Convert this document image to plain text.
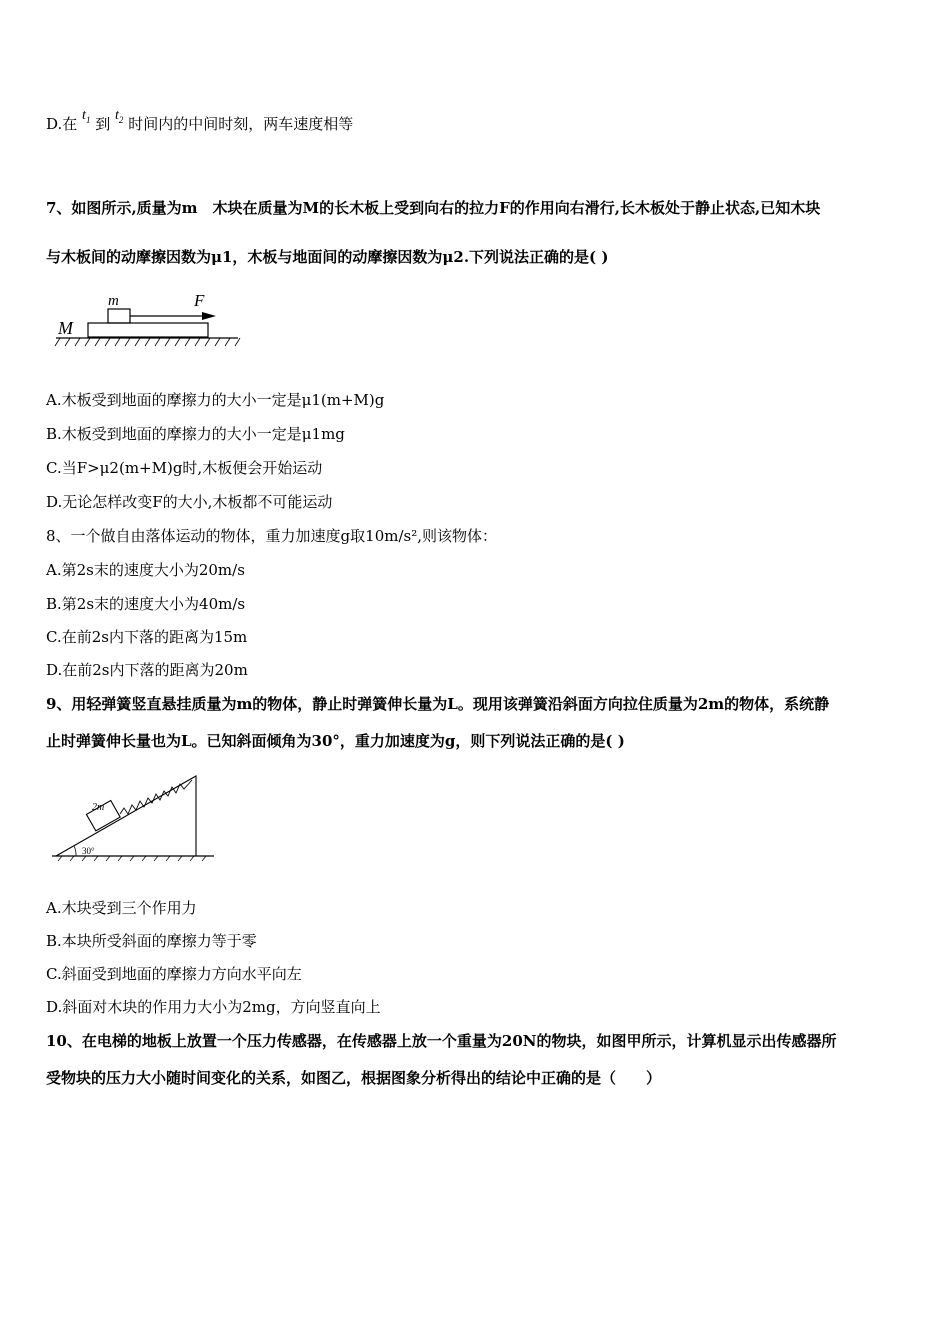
D.在 $t_1$ 到 $t_2$ 时间内的中间时刻，两车速度相等
7、如图所示,质量为m　木块在质量为M的长木板上受到向右的拉力F的作用向右滑行,长木板处于静止状态,已知木块
与木板间的动摩擦因数为μ1，木板与地面间的动摩擦因数为μ2.下列说法正确的是( )
m
M
F
A.木板受到地面的摩擦力的大小一定是μ1(m+M)g
B.木板受到地面的摩擦力的大小一定是μ1mg
C.当F>μ2(m+M)g时,木板便会开始运动
D.无论怎样改变F的大小,木板都不可能运动
8、一个做自由落体运动的物体，重力加速度g取10m/s²,则该物体：
A.第2s末的速度大小为20m/s
B.第2s末的速度大小为40m/s
C.在前2s内下落的距离为15m
D.在前2s内下落的距离为20m
9、用轻弹簧竖直悬挂质量为m的物体，静止时弹簧伸长量为L。现用该弹簧沿斜面方向拉住质量为2m的物体，系统静
止时弹簧伸长量也为L。已知斜面倾角为30°，重力加速度为g，则下列说法正确的是( )
2m
30°
A.木块受到三个作用力
B.本块所受斜面的摩擦力等于零
C.斜面受到地面的摩擦力方向水平向左
D.斜面对木块的作用力大小为2mg，方向竖直向上
10、在电梯的地板上放置一个压力传感器，在传感器上放一个重量为20N的物块，如图甲所示，计算机显示出传感器所
受物块的压力大小随时间变化的关系，如图乙，根据图象分析得出的结论中正确的是（　　）
